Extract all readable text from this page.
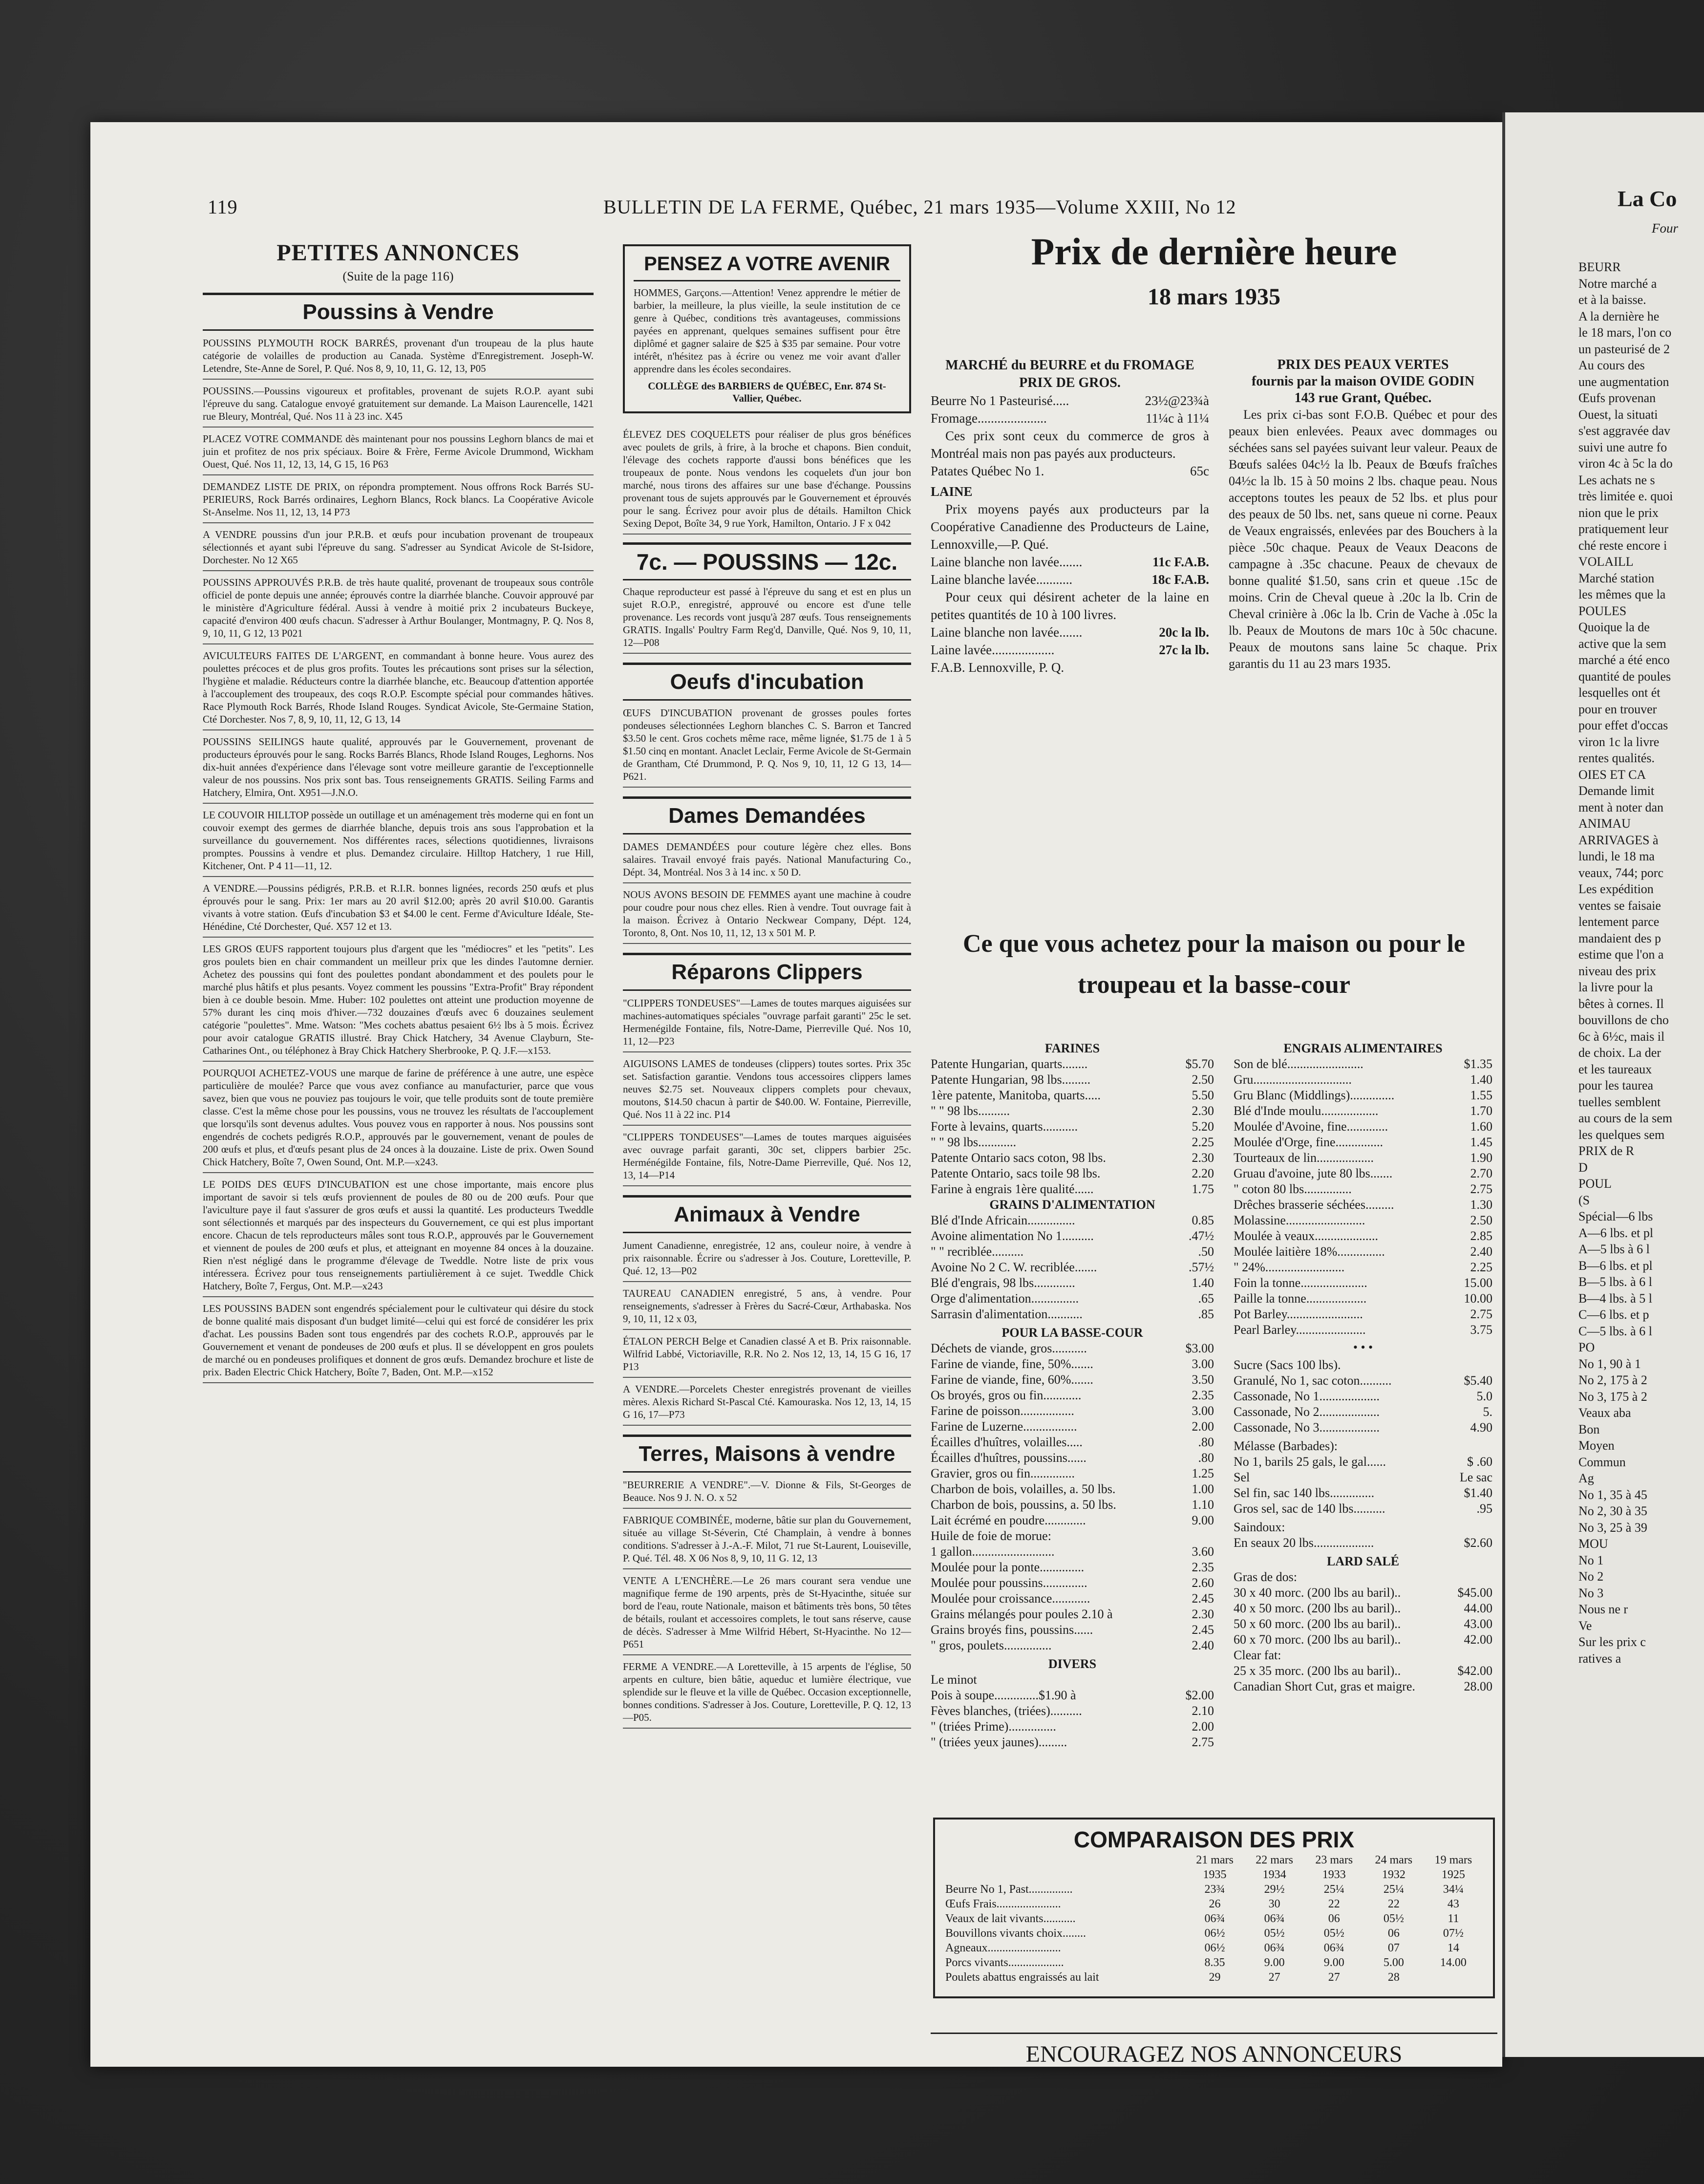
119	BULLETIN DE LA FERME, Québec, 21 mars 1935—Volume XXIII, No 12
PETITES ANNONCES
(Suite de la page 116)
Poussins à Vendre
POUSSINS PLYMOUTH ROCK BARRÉS, provenant d'un troupeau de la plus haute catégorie de volailles de production au Canada. Système d'Enregistrement. Joseph-W. Letendre, Ste-Anne de Sorel, P. Qué. Nos 8, 9, 10, 11, G. 12, 13, P05
POUSSINS.—Poussins vigoureux et profitables, provenant de sujets R.O.P. ayant subi l'épreuve du sang. Catalogue envoyé gratuitement sur demande. La Maison Laurencelle, 1421 rue Bleury, Montréal, Qué. Nos 11 à 23 inc. X45
PLACEZ VOTRE COMMANDE dès maintenant pour nos poussins Leghorn blancs de mai et juin et profitez de nos prix spéciaux. Boire & Frère, Ferme Avicole Drummond, Wickham Ouest, Qué. Nos 11, 12, 13, 14, G 15, 16 P63
DEMANDEZ LISTE DE PRIX, on répondra promptement. Nous offrons Rock Barrés SU-PERIEURS, Rock Barrés ordinaires, Leghorn Blancs, Rock blancs. La Coopérative Avicole St-Anselme. Nos 11, 12, 13, 14 P73
A VENDRE poussins d'un jour P.R.B. et œufs pour incubation provenant de troupeaux sélectionnés et ayant subi l'épreuve du sang. S'adresser au Syndicat Avicole de St-Isidore, Dorchester. No 12 X65
POUSSINS APPROUVÉS P.R.B. de très haute qualité, provenant de troupeaux sous contrôle officiel de ponte depuis une année; éprouvés contre la diarrhée blanche. Couvoir approuvé par le ministère d'Agriculture fédéral. Aussi à vendre à moitié prix 2 incubateurs Buckeye, capacité d'environ 400 œufs chacun. S'adresser à Arthur Boulanger, Montmagny, P. Q. Nos 8, 9, 10, 11, G 12, 13 P021
AVICULTEURS FAITES DE L'ARGENT, en commandant à bonne heure. Vous aurez des poulettes précoces et de plus gros profits. Toutes les précautions sont prises sur la sélection, l'hygiène et maladie. Réducteurs contre la diarrhée blanche, etc. Beaucoup d'attention apportée à l'accouplement des troupeaux, des coqs R.O.P. Escompte spécial pour commandes hâtives. Race Plymouth Rock Barrés, Rhode Island Rouges. Syndicat Avicole, Ste-Germaine Station, Cté Dorchester. Nos 7, 8, 9, 10, 11, 12, G 13, 14
POUSSINS SEILINGS haute qualité, approuvés par le Gouvernement, provenant de producteurs éprouvés pour le sang. Rocks Barrés Blancs, Rhode Island Rouges, Leghorns. Nos dix-huit années d'expérience dans l'élevage sont votre meilleure garantie de l'exceptionnelle valeur de nos poussins. Nos prix sont bas. Tous renseignements GRATIS. Seiling Farms and Hatchery, Elmira, Ont. X951—J.N.O.
LE COUVOIR HILLTOP possède un outillage et un aménagement très moderne qui en font un couvoir exempt des germes de diarrhée blanche, depuis trois ans sous l'approbation et la surveillance du gouvernement. Nos différentes races, sélections quotidiennes, livraisons promptes. Poussins à vendre et plus. Demandez circulaire. Hilltop Hatchery, 1 rue Hill, Kitchener, Ont. P 4 11—11, 12.
A VENDRE.—Poussins pédigrés, P.R.B. et R.I.R. bonnes lignées, records 250 œufs et plus éprouvés pour le sang. Prix: 1er mars au 20 avril $12.00; après 20 avril $10.00. Garantis vivants à votre station. Œufs d'incubation $3 et $4.00 le cent. Ferme d'Aviculture Idéale, Ste-Hénédine, Cté Dorchester, Qué. X57 12 et 13.
LES GROS ŒUFS rapportent toujours plus d'argent que les "médiocres" et les "petits". Les gros poulets bien en chair commandent un meilleur prix que les dindes l'automne dernier. Achetez des poussins qui font des poulettes pondant abondamment et des poulets pour le marché plus hâtifs et plus pesants. Voyez comment les poussins "Extra-Profit" Bray répondent bien à ce double besoin. Mme. Huber: 102 poulettes ont atteint une production moyenne de 57% durant les cinq mois d'hiver.—732 douzaines d'œufs avec 6 douzaines seulement catégorie "poulettes". Mme. Watson: "Mes cochets abattus pesaient 6½ lbs à 5 mois. Écrivez pour avoir catalogue GRATIS illustré. Bray Chick Hatchery, 34 Avenue Clayburn, Ste-Catharines Ont., ou téléphonez à Bray Chick Hatchery Sherbrooke, P. Q. J.F.—x153.
POURQUOI ACHETEZ-VOUS une marque de farine de préférence à une autre, une espèce particulière de moulée? Parce que vous avez confiance au manufacturier, parce que vous savez, bien que vous ne pouviez pas toujours le voir, que telle produits sont de toute première classe. C'est la même chose pour les poussins, vous ne trouvez les résultats de l'accouplement que lorsqu'ils sont devenus adultes. Vous pouvez vous en rapporter à nous. Nos poussins sont engendrés de cochets pedigrés R.O.P., approuvés par le gouvernement, venant de poules de 200 œufs et plus, et d'œufs pesant plus de 24 onces à la douzaine. Liste de prix. Owen Sound Chick Hatchery, Boîte 7, Owen Sound, Ont. M.P.—x243.
LE POIDS DES ŒUFS D'INCUBATION est une chose importante, mais encore plus important de savoir si tels œufs proviennent de poules de 80 ou de 200 œufs. Pour que l'aviculture paye il faut s'assurer de gros œufs et aussi la quantité. Les producteurs Tweddle sont sélectionnés et marqués par des inspecteurs du Gouvernement, ce qui est plus important encore. Chacun de tels reproducteurs mâles sont tous R.O.P., approuvés par le Gouvernement et viennent de poules de 200 œufs et plus, et atteignant en moyenne 84 onces à la douzaine. Rien n'est négligé dans le programme d'élevage de Tweddle. Notre liste de prix vous intéressera. Écrivez pour tous renseignements partiulièrement à ce sujet. Tweddle Chick Hatchery, Boîte 7, Fergus, Ont. M.P.—x243
LES POUSSINS BADEN sont engendrés spécialement pour le cultivateur qui désire du stock de bonne qualité mais disposant d'un budget limité—celui qui est forcé de considérer les prix d'achat. Les poussins Baden sont tous engendrés par des cochets R.O.P., approuvés par le Gouvernement et venant de pondeuses de 200 œufs et plus. Il se développent en gros poulets de marché ou en pondeuses prolifiques et donnent de gros œufs. Demandez brochure et liste de prix. Baden Electric Chick Hatchery, Boîte 7, Baden, Ont. M.P.—x152
PENSEZ A VOTRE AVENIR

HOMMES, Garçons.—Attention! Venez apprendre le métier de barbier, la meilleure, la plus vieille, la seule institution de ce genre à Québec, conditions très avantageuses, commissions payées en apprenant, quelques semaines suffisent pour être diplômé et gagner salaire de $25 à $35 par semaine. Pour votre intérêt, n'hésitez pas à écrire ou venez me voir avant d'aller apprendre dans les écoles secondaires.

COLLÈGE des BARBIERS de QUÉBEC, Enr. 874 St-Vallier, Québec.
ÉLEVEZ DES COQUELETS pour réaliser de plus gros bénéfices avec poulets de grils, à frire, à la broche et chapons. Bien conduit, l'élevage des cochets rapporte d'aussi bons bénéfices que les troupeaux de ponte. Nous vendons les coquelets d'un jour bon marché, nous tirons des affaires sur une base d'échange. Poussins provenant tous de sujets approuvés par le Gouvernement et éprouvés pour le sang. Écrivez pour avoir plus de détails. Hamilton Chick Sexing Depot, Boîte 34, 9 rue York, Hamilton, Ontario. J F x 042
7c. — POUSSINS — 12c.
Chaque reproducteur est passé à l'épreuve du sang et est en plus un sujet R.O.P., enregistré, approuvé ou encore est d'une telle provenance. Les records vont jusqu'à 287 œufs. Tous renseignements GRATIS. Ingalls' Poultry Farm Reg'd, Danville, Qué. Nos 9, 10, 11, 12—P08
Oeufs d'incubation
ŒUFS D'INCUBATION provenant de grosses poules fortes pondeuses sélectionnées Leghorn blanches C. S. Barron et Tancred $3.50 le cent. Gros cochets même race, même lignée, $1.75 de 1 à 5 $1.50 cinq en montant. Anaclet Leclair, Ferme Avicole de St-Germain de Grantham, Cté Drummond, P. Q. Nos 9, 10, 11, 12 G 13, 14—P621.
Dames Demandées
DAMES DEMANDÉES pour couture légère chez elles. Bons salaires. Travail envoyé frais payés. National Manufacturing Co., Dépt. 34, Montréal. Nos 3 à 14 inc. x 50 D.
NOUS AVONS BESOIN DE FEMMES ayant une machine à coudre pour coudre pour nous chez elles. Rien à vendre. Tout ouvrage fait à la maison. Écrivez à Ontario Neckwear Company, Dépt. 124, Toronto, 8, Ont. Nos 10, 11, 12, 13 x 501 M. P.
Réparons Clippers
"CLIPPERS TONDEUSES"—Lames de toutes marques aiguisées sur machines-automatiques spéciales "ouvrage parfait garanti" 25c le set. Hermenégilde Fontaine, fils, Notre-Dame, Pierreville Qué. Nos 10, 11, 12—P23
AIGUISONS LAMES de tondeuses (clippers) toutes sortes. Prix 35c set. Satisfaction garantie. Vendons tous accessoires clippers lames neuves $2.75 set. Nouveaux clippers complets pour chevaux, moutons, $14.50 chacun à partir de $40.00. W. Fontaine, Pierreville, Qué. Nos 11 à 22 inc. P14
"CLIPPERS TONDEUSES"—Lames de toutes marques aiguisées avec ouvrage parfait garanti, 30c set, clippers barbier 25c. Herménégilde Fontaine, fils, Notre-Dame Pierreville, Qué. Nos 12, 13, 14—P14
Animaux à Vendre
Jument Canadienne, enregistrée, 12 ans, couleur noire, à vendre à prix raisonnable. Écrire ou s'adresser à Jos. Couture, Loretteville, P. Qué. 12, 13—P02
TAUREAU CANADIEN enregistré, 5 ans, à vendre. Pour renseignements, s'adresser à Frères du Sacré-Cœur, Arthabaska. Nos 9, 10, 11, 12 x 03,
ÉTALON PERCH Belge et Canadien classé A et B. Prix raisonnable. Wilfrid Labbé, Victoriaville, R.R. No 2. Nos 12, 13, 14, 15 G 16, 17 P13
A VENDRE.—Porcelets Chester enregistrés provenant de vieilles mères. Alexis Richard St-Pascal Cté. Kamouraska. Nos 12, 13, 14, 15 G 16, 17—P73
Terres, Maisons à vendre
"BEURRERIE A VENDRE".—V. Dionne & Fils, St-Georges de Beauce. Nos 9 J. N. O. x 52
FABRIQUE COMBINÉE, moderne, bâtie sur plan du Gouvernement, située au village St-Séverin, Cté Champlain, à vendre à bonnes conditions. S'adresser à J.-A.-F. Milot, 71 rue St-Laurent, Louiseville, P. Qué. Tél. 48. X 06 Nos 8, 9, 10, 11 G. 12, 13
VENTE A L'ENCHÈRE.—Le 26 mars courant sera vendue une magnifique ferme de 190 arpents, près de St-Hyacinthe, située sur bord de l'eau, route Nationale, maison et bâtiments très bons, 50 têtes de bétails, roulant et accessoires complets, le tout sans réserve, cause de décès. S'adresser à Mme Wilfrid Hébert, St-Hyacinthe. No 12—P651
FERME A VENDRE.—A Loretteville, à 15 arpents de l'église, 50 arpents en culture, bien bâtie, aqueduc et lumière électrique, vue splendide sur le fleuve et la ville de Québec. Occasion exceptionnelle, bonnes conditions. S'adresser à Jos. Couture, Loretteville, P. Q. 12, 13—P05.
Prix de dernière heure
18 mars 1935
MARCHÉ du BEURRE et du FROMAGE
PRIX DE GROS.
Beurre No 1 Pasteurisé.....	23½@23¾à
Fromage.....................	11¼c à 11¼
Ces prix sont ceux du commerce de gros à Montréal mais non pas payés aux producteurs.
Patates Québec No 1.	65c
LAINE
Prix moyens payés aux producteurs par la Coopérative Canadienne des Producteurs de Laine, Lennoxville,—P. Qué.
Laine blanche non lavée.......	11c F.A.B.
Laine blanche lavée...........	18c F.A.B.
Pour ceux qui désirent acheter de la laine en petites quantités de 10 à 100 livres.
Laine blanche non lavée.......	20c la lb.
Laine lavée...................	27c la lb.
F.A.B. Lennoxville, P. Q.
PRIX DES PEAUX VERTES
fournis par la maison OVIDE GODIN
143 rue Grant, Québec.
Les prix ci-bas sont F.O.B. Québec et pour des peaux bien enlevées. Peaux avec dommages ou séchées sans sel payées suivant leur valeur. Peaux de Bœufs salées 04c½ la lb. Peaux de Bœufs fraîches 04½c la lb. 15 à 50 moins 2 lbs. chaque peau. Nous acceptons toutes les peaux de 52 lbs. et plus pour des peaux de 50 lbs. net, sans queue ni corne. Peaux de Veaux engraissés, enlevées par des Bouchers à la pièce .50c chaque. Peaux de Veaux Deacons de campagne à .35c chacune. Peaux de chevaux de bonne qualité $1.50, sans crin et queue .15c de moins. Crin de Cheval queue à .20c la lb. Crin de Cheval crinière à .06c la lb. Crin de Vache à .05c la lb. Peaux de Moutons de mars 10c à 50c chacune. Peaux de moutons sans laine 5c chaque. Prix garantis du 11 au 23 mars 1935.
Ce que vous achetez pour la maison ou pour le troupeau et la basse-cour
FARINES
Patente Hungarian, quarts........	$5.70
Patente Hungarian, 98 lbs.........	2.50
1ère patente, Manitoba, quarts.....	5.50
" " 98 lbs..........	2.30
Forte à levains, quarts...........	5.20
" " 98 lbs............	2.25
Patente Ontario sacs coton, 98 lbs.	2.30
Patente Ontario, sacs toile 98 lbs.	2.20
Farine à engrais 1ère qualité......	1.75
GRAINS D'ALIMENTATION
Blé d'Inde Africain...............	0.85
Avoine alimentation No 1..........	.47½
" " recriblée..........	.50
Avoine No 2 C. W. recriblée.......	.57½
Blé d'engrais, 98 lbs.............	1.40
Orge d'alimentation...............	.65
Sarrasin d'alimentation...........	.85
POUR LA BASSE-COUR
Déchets de viande, gros...........	$3.00
Farine de viande, fine, 50%.......	3.00
Farine de viande, fine, 60%.......	3.50
Os broyés, gros ou fin............	2.35
Farine de poisson.................	3.00
Farine de Luzerne.................	2.00
Écailles d'huîtres, volailles.....	.80
Écailles d'huîtres, poussins......	.80
Gravier, gros ou fin..............	1.25
Charbon de bois, volailles, a. 50 lbs.	1.00
Charbon de bois, poussins, a. 50 lbs.	1.10
Lait écrémé en poudre.............	9.00
Huile de foie de morue:
1 gallon..........................	3.60
Moulée pour la ponte..............	2.35
Moulée pour poussins..............	2.60
Moulée pour croissance............	2.45
Grains mélangés pour poules 2.10 à	2.30
Grains broyés fins, poussins......	2.45
" gros, poulets...............	2.40
DIVERS
Le minot
Pois à soupe..............$1.90 à	$2.00
Fèves blanches, (triées)..........	2.10
" (triées Prime)...............	2.00
" (triées yeux jaunes).........	2.75
ENGRAIS ALIMENTAIRES
Son de blé........................	$1.35
Gru...............................	1.40
Gru Blanc (Middlings)..............	1.55
Blé d'Inde moulu..................	1.70
Moulée d'Avoine, fine.............	1.60
Moulée d'Orge, fine...............	1.45
Tourteaux de lin..................	1.90
Gruau d'avoine, jute 80 lbs.......	2.70
" coton 80 lbs...............	2.75
Drêches brasserie séchées.........	1.30
Molassine.........................	2.50
Moulée à veaux....................	2.85
Moulée laitière 18%...............	2.40
" 24%.........................	2.25
Foin la tonne.....................	15.00
Paille la tonne...................	10.00
Pot Barley........................	2.75
Pearl Barley......................	3.75
• • •
Sucre (Sacs 100 lbs).
Granulé, No 1, sac coton..........	$5.40
Cassonade, No 1...................	5.0
Cassonade, No 2...................	5.
Cassonade, No 3...................	4.90
Mélasse (Barbades):
No 1, barils 25 gals, le gal......	$ .60
Sel	Le sac
Sel fin, sac 140 lbs..............	$1.40
Gros sel, sac de 140 lbs..........	.95
Saindoux:
En seaux 20 lbs...................	$2.60
LARD SALÉ
Gras de dos:
30 x 40 morc. (200 lbs au baril)..	$45.00
40 x 50 morc. (200 lbs au baril)..	44.00
50 x 60 morc. (200 lbs au baril)..	43.00
60 x 70 morc. (200 lbs au baril)..	42.00
Clear fat:
25 x 35 morc. (200 lbs au baril)..	$42.00
Canadian Short Cut, gras et maigre.	28.00
COMPARAISON DES PRIX
	21 mars	22 mars	23 mars	24 mars	19 mars
	1935	1934	1933	1932	1925
Beurre No 1, Past...............	23¾	29½	25¼	25¼	34¼
Œufs Frais......................	26	30	22	22	43
Veaux de lait vivants...........	06¾	06¾	06	05½	11
Bouvillons vivants choix........	06½	05½	05½	06	07½
Agneaux.........................	06½	06¾	06¾	07	14
Porcs vivants...................	8.35	9.00	9.00	5.00	14.00
Poulets abattus engraissés au lait	29	27	27	28	
ENCOURAGEZ NOS ANNONCEURS
La Co
Four
BEURR
Notre marché a
et à la baisse.
A la dernière he
le 18 mars, l'on co
un pasteurisé de 2
Au cours des
une augmentation
Œufs provenan
Ouest, la situati
s'est aggravée dav
suivi une autre fo
viron 4c à 5c la do
Les achats ne s
très limitée e. quoi
nion que le prix
pratiquement leur
ché reste encore i
VOLAILL
Marché station
les mêmes que la
POULES
Quoique la de
active que la sem
marché a été enco
quantité de poules
lesquelles ont ét
pour en trouver
pour effet d'occas
viron 1c la livre
rentes qualités.
OIES ET CA
Demande limit
ment à noter dan
ANIMAU
ARRIVAGES à
lundi, le 18 ma
veaux, 744; porc
Les expédition
ventes se faisaie
lentement parce
mandaient des p
estime que l'on a
niveau des prix
la livre pour la
bêtes à cornes. Il
bouvillons de cho
6c à 6½c, mais il
de choix. La der
et les taureaux
pour les taurea
tuelles semblent
au cours de la sem
les quelques sem
PRIX de R
D
POUL
(S
Spécial—6 lbs
A—6 lbs. et pl
A—5 lbs à 6 l
B—6 lbs. et pl
B—5 lbs. à 6 l
B—4 lbs. à 5 l
C—6 lbs. et p
C—5 lbs. à 6 l
PO
No 1, 90 à 1
No 2, 175 à 2
No 3, 175 à 2
Veaux aba
Bon
Moyen
Commun
Ag
No 1, 35 à 45
No 2, 30 à 35
No 3, 25 à 39
MOU
No 1
No 2
No 3
Nous ne r
Ve
Sur les prix c
ratives a
